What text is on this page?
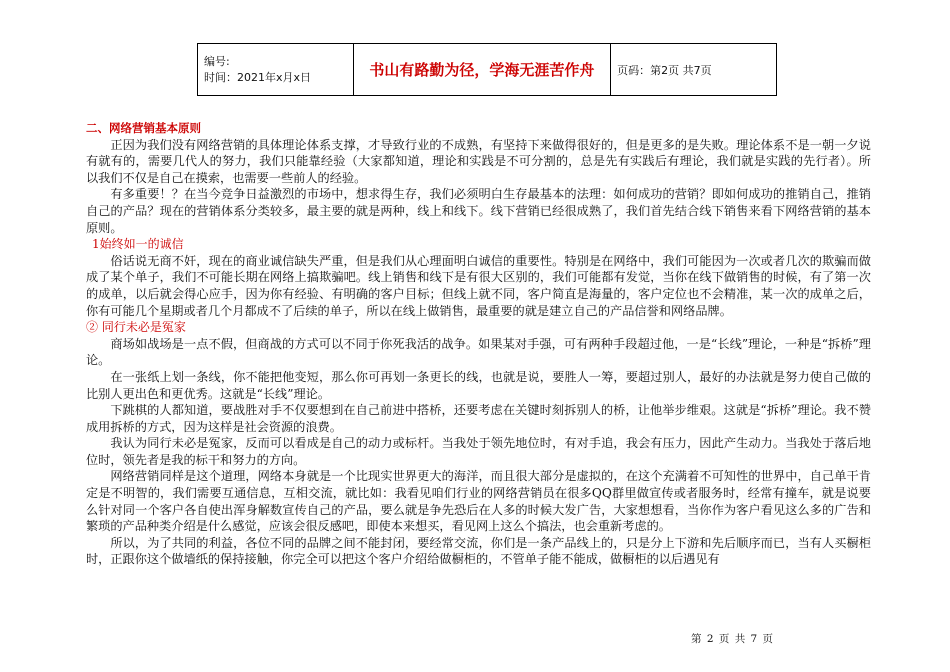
编号:
时间：2021年x月x日	书山有路勤为径，学海无涯苦作舟	页码：第2页 共7页

二、网络营销基本原则

正因为我们没有网络营销的具体理论体系支撑，才导致行业的不成熟，有坚持下来做得很好的，但是更多的是失败。理论体系不是一朝一夕说有就有的，需要几代人的努力，我们只能靠经验（大家都知道，理论和实践是不可分割的，总是先有实践后有理论，我们就是实践的先行者）。所以我们不仅是自己在摸索，也需要一些前人的经验。

有多重要！？在当今竞争日益激烈的市场中，想求得生存，我们必须明白生存最基本的法理：如何成功的营销？即如何成功的推销自己，推销自己的产品？现在的营销体系分类较多，最主要的就是两种，线上和线下。线下营销已经很成熟了，我们首先结合线下销售来看下网络营销的基本原则。

1始终如一的诚信

俗话说无商不奸，现在的商业诚信缺失严重，但是我们从心理面明白诚信的重要性。特别是在网络中，我们可能因为一次或者几次的欺骗而做成了某个单子，我们不可能长期在网络上搞欺骗吧。线上销售和线下是有很大区别的，我们可能都有发觉，当你在线下做销售的时候，有了第一次的成单，以后就会得心应手，因为你有经验、有明确的客户目标；但线上就不同，客户简直是海量的，客户定位也不会精准，某一次的成单之后，你有可能几个星期或者几个月都成不了后续的单子，所以在线上做销售，最重要的就是建立自己的产品信誉和网络品牌。

② 同行未必是冤家

商场如战场是一点不假，但商战的方式可以不同于你死我活的战争。如果某对手强，可有两种手段超过他，一是“长线”理论，一种是“拆桥”理论。

在一张纸上划一条线，你不能把他变短，那么你可再划一条更长的线，也就是说，要胜人一筹，要超过别人，最好的办法就是努力使自己做的比别人更出色和更优秀。这就是“长线”理论。

下跳棋的人都知道，要战胜对手不仅要想到在自己前进中搭桥，还要考虑在关键时刻拆别人的桥，让他举步维艰。这就是“拆桥”理论。我不赞成用拆桥的方式，因为这样是社会资源的浪费。

我认为同行未必是冤家，反而可以看成是自己的动力或标杆。当我处于领先地位时，有对手追，我会有压力，因此产生动力。当我处于落后地位时，领先者是我的标干和努力的方向。

网络营销同样是这个道理，网络本身就是一个比现实世界更大的海洋，而且很大部分是虚拟的，在这个充满着不可知性的世界中，自己单干肯定是不明智的，我们需要互通信息，互相交流，就比如：我看见咱们行业的网络营销员在很多QQ群里做宣传或者服务时，经常有撞车，就是说要么针对同一个客户各自使出浑身解数宣传自己的产品，要么就是争先恐后在人多的时候大发广告，大家想想看，当你作为客户看见这么多的广告和繁琐的产品种类介绍是什么感觉，应该会很反感吧，即使本来想买，看见网上这么个搞法，也会重新考虑的。

所以，为了共同的利益，各位不同的品牌之间不能封闭，要经常交流，你们是一条产品线上的，只是分上下游和先后顺序而已，当有人买橱柜时，正跟你这个做墙纸的保持接触，你完全可以把这个客户介绍给做橱柜的，不管单子能不能成，做橱柜的以后遇见有

第 2 页 共 7 页
